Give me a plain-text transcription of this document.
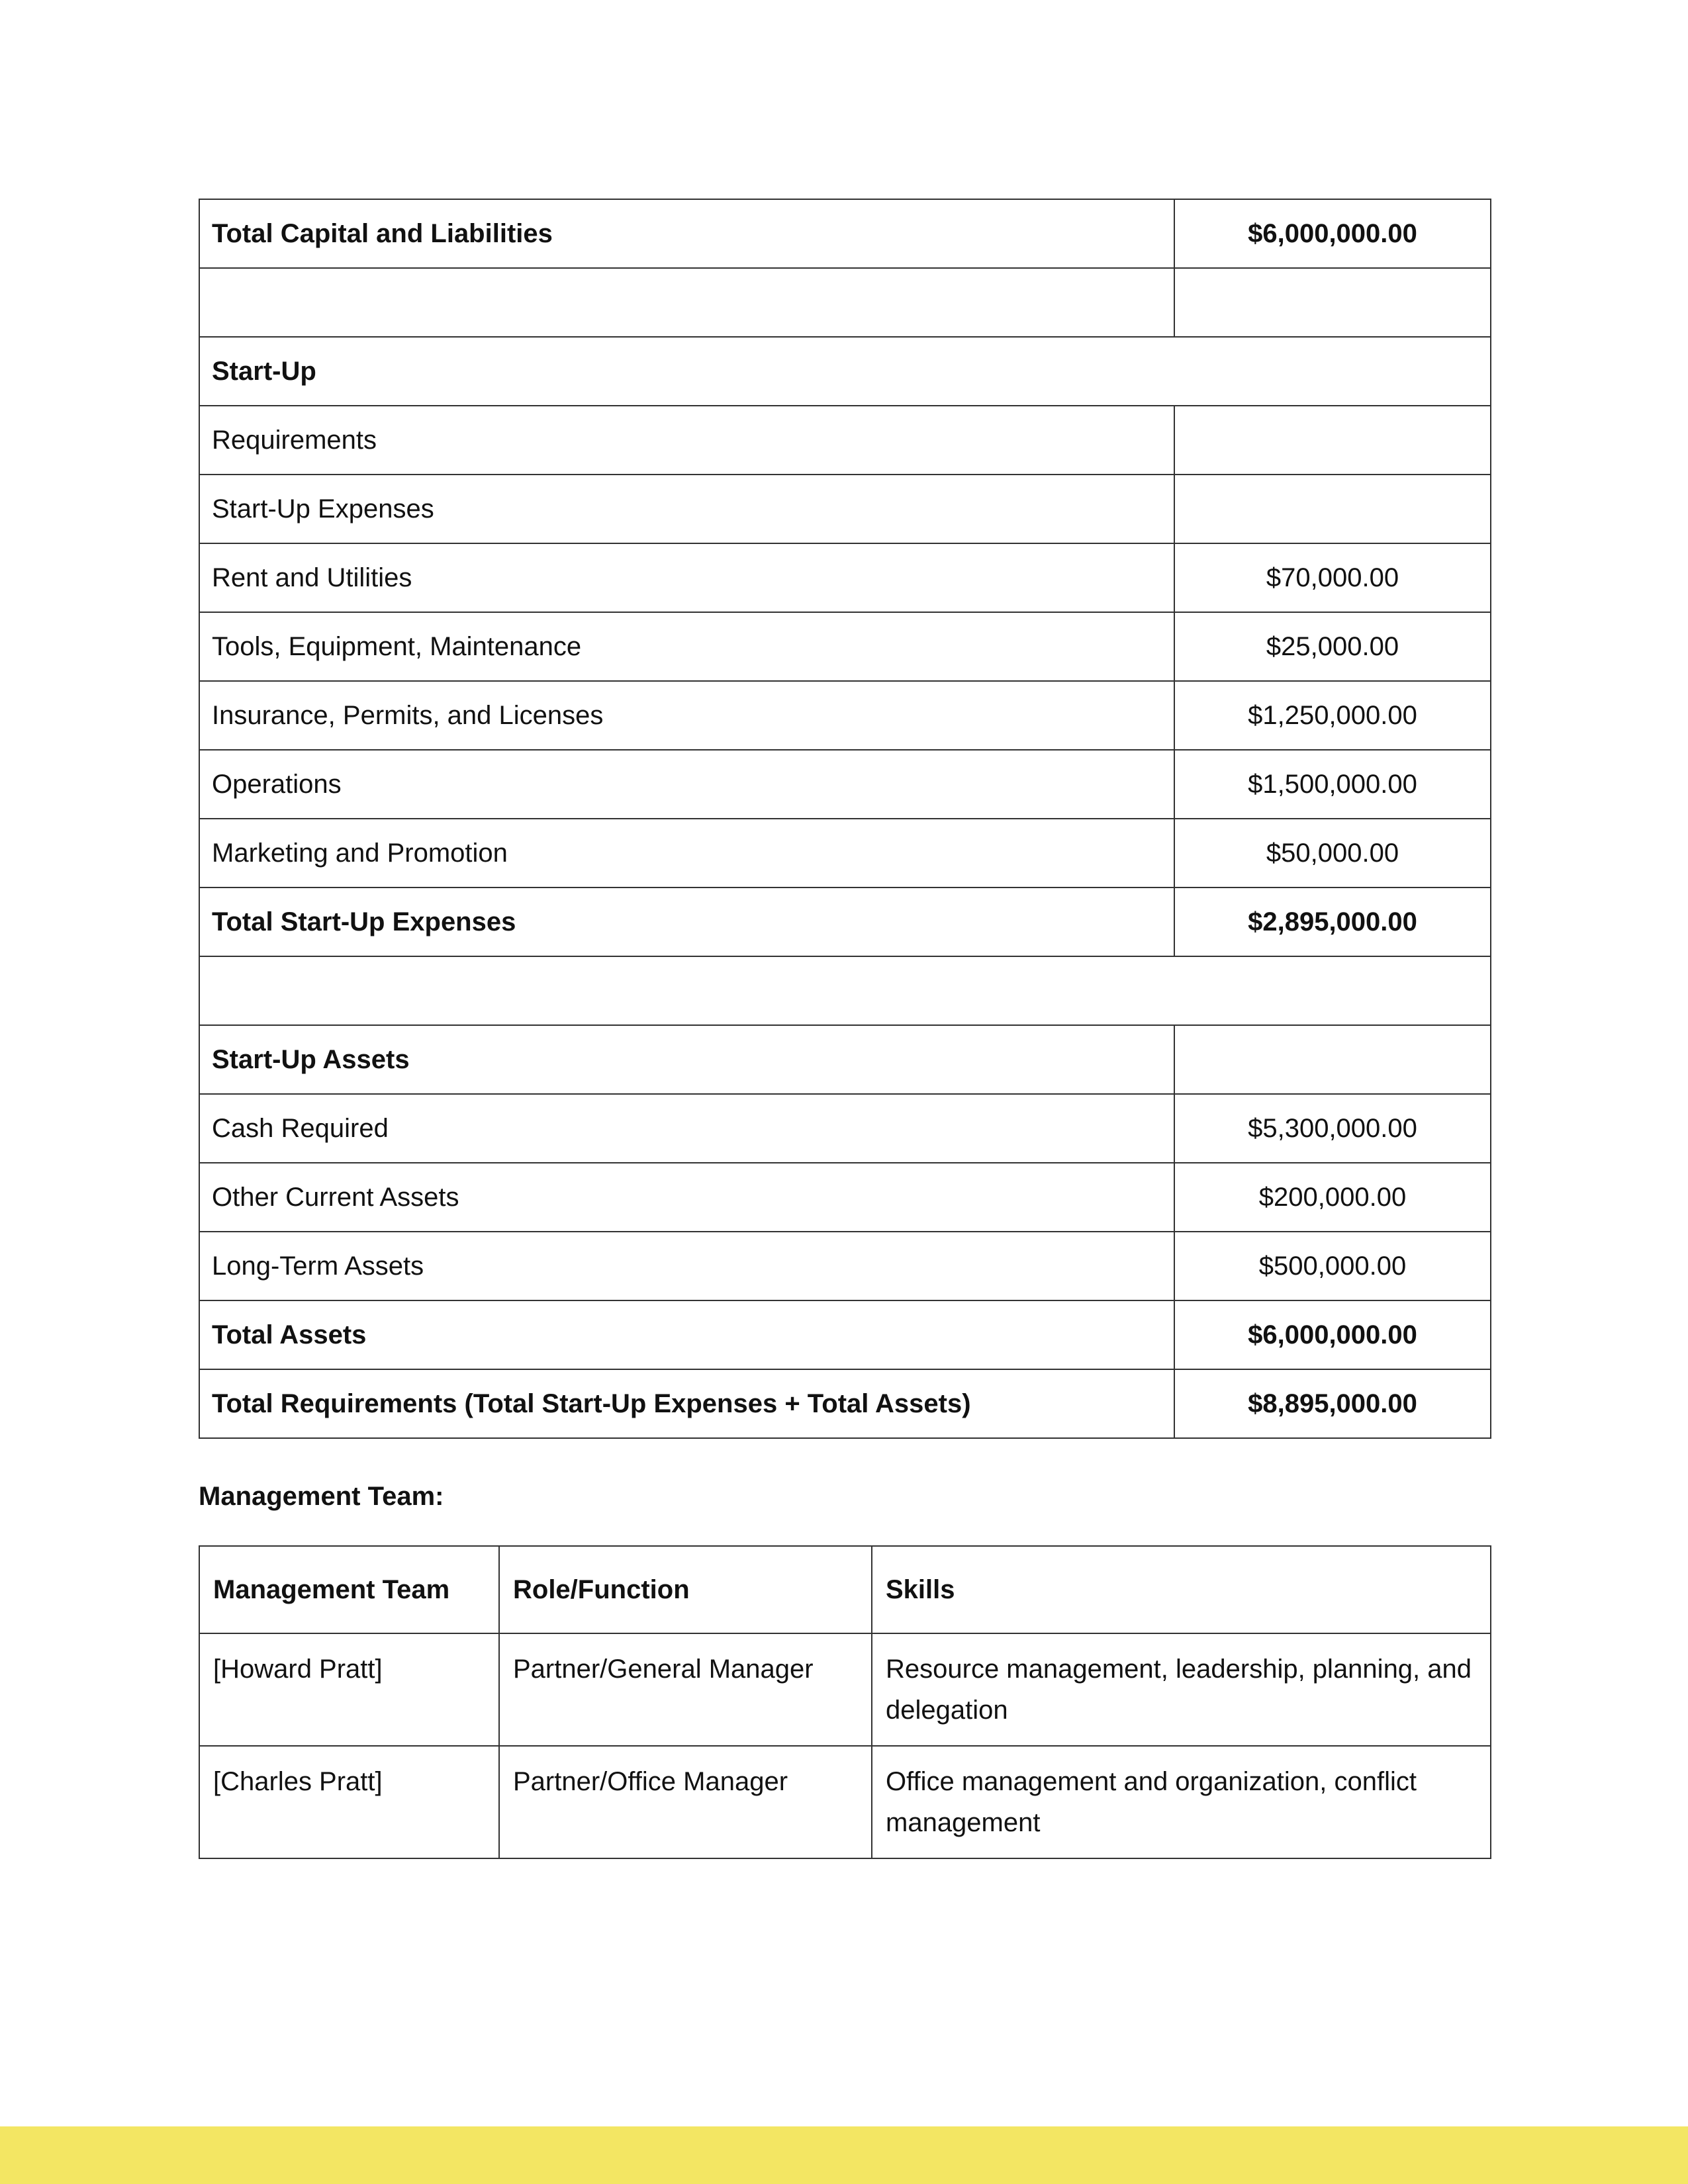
Total Capital and Liabilities	$6,000,000.00

Start-Up	
Requirements	
Start-Up Expenses	
Rent and Utilities	$70,000.00
Tools, Equipment, Maintenance	$25,000.00
Insurance, Permits, and Licenses	$1,250,000.00
Operations	$1,500,000.00
Marketing and Promotion	$50,000.00
Total Start-Up Expenses	$2,895,000.00

Start-Up Assets	
Cash Required	$5,300,000.00
Other Current Assets	$200,000.00
Long-Term Assets	$500,000.00
Total Assets	$6,000,000.00
Total Requirements (Total Start-Up Expenses + Total Assets)	$8,895,000.00
Management Team:
Management Team	Role/Function	Skills
[Howard Pratt]	Partner/General Manager	Resource management, leadership, planning, and delegation
[Charles Pratt]	Partner/Office Manager	Office management and organization, conflict management
